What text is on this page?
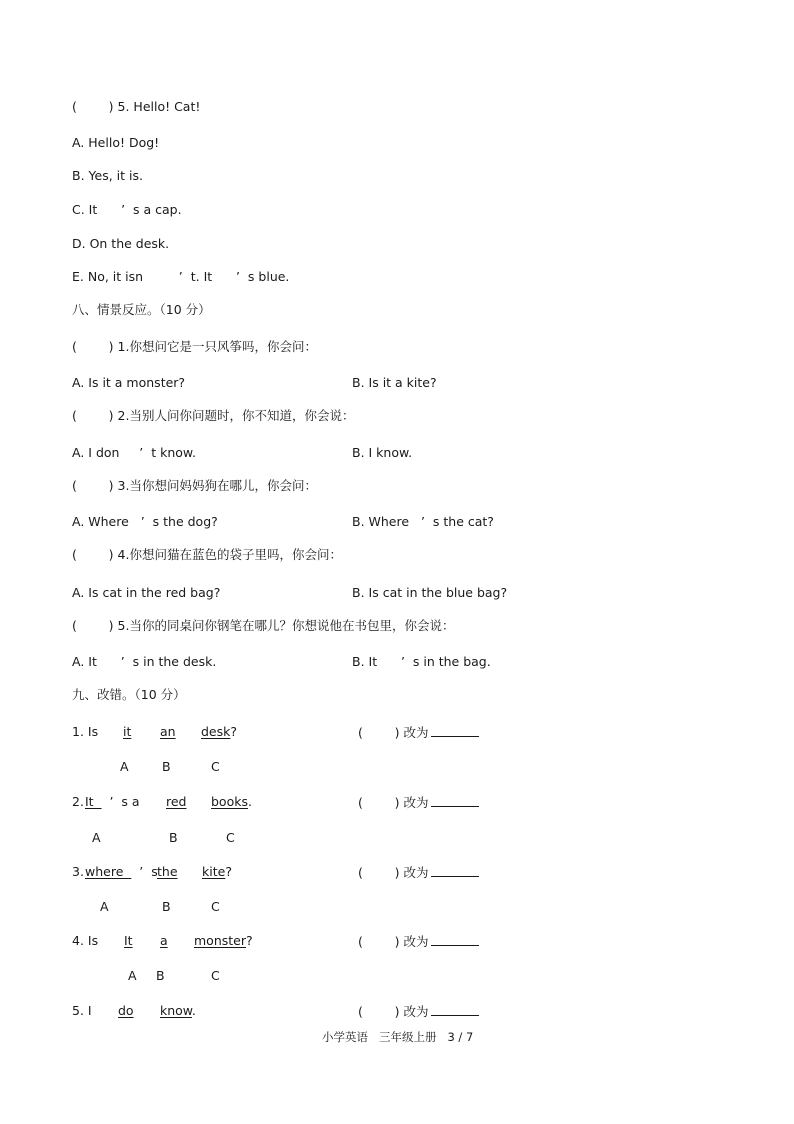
(        ) 5. Hello! Cat!
A. Hello! Dog!
B. Yes, it is.
C. It      ’  s a cap.
D. On the desk.
E. No, it isn         ’  t. It      ’  s blue.
八、情景反应。（10 分）
(        ) 1.你想问它是一只风筝吗，你会问：
A. Is it a monster?	B. Is it a kite?
(        ) 2.当别人问你问题时，你不知道，你会说：
A. I don     ’  t know.	B. I know.
(        ) 3.当你想问妈妈狗在哪儿，你会问：
A. Where   ’  s the dog?	B. Where   ’  s the cat?
(        ) 4.你想问猫在蓝色的袋子里吗，你会问：
A. Is cat in the red bag?	B. Is cat in the blue bag?
(        ) 5.当你的同桌问你钢笔在哪儿？你想说他在书包里，你会说：
A. It      ’  s in the desk.	B. It      ’  s in the bag.
九、改错。（10 分）
1. Is it an desk?	(        ) 改为
A	B	C
2. It    ’  s a red books.	(        ) 改为
A	B	C
3. where    ’  s the kite?	(        ) 改为
A	B	C
4. Is It a monster?	(        ) 改为
A B	C
5. I do know.	(        ) 改为
小学英语 三年级上册 3 / 7
